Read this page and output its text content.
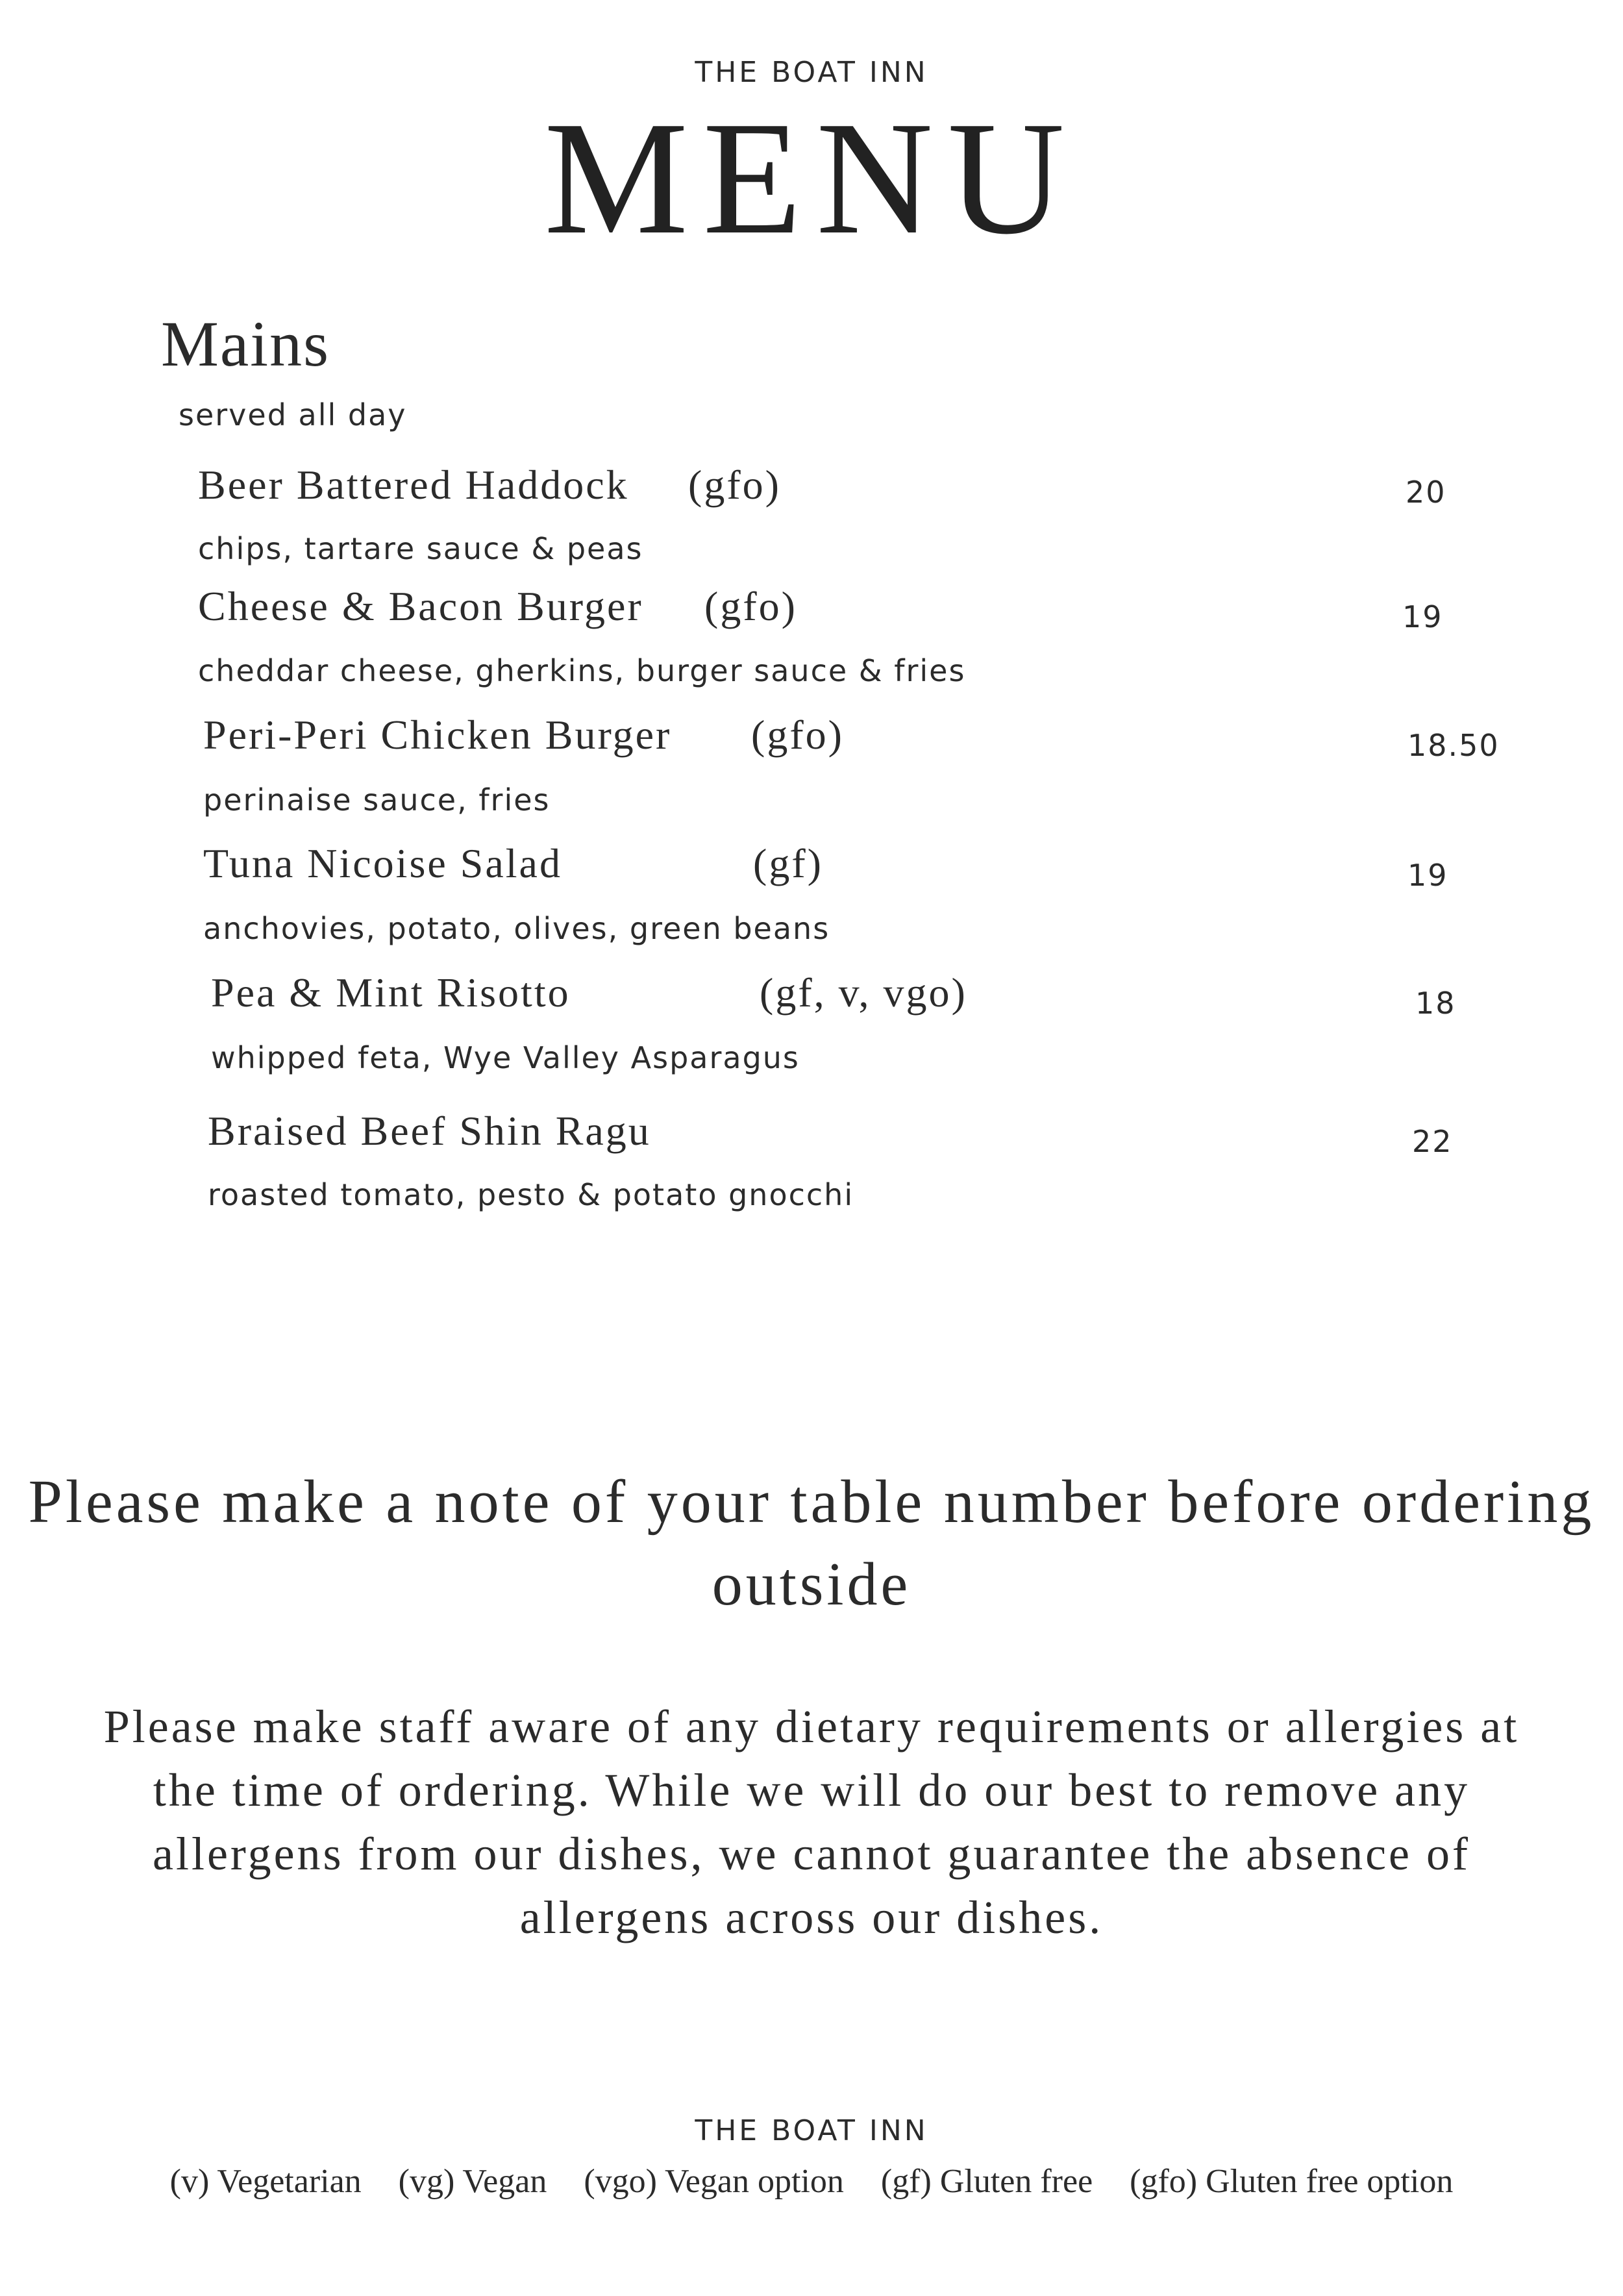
THE BOAT INN
MENU
Mains
served all day
Beer Battered Haddock (gfo)	20
chips, tartare sauce & peas
Cheese & Bacon Burger (gfo)	19
cheddar cheese, gherkins, burger sauce & fries
Peri-Peri Chicken Burger (gfo)	18.50
perinaise sauce, fries
Tuna Nicoise Salad	(gf)	19
anchovies, potato, olives, green beans
Pea & Mint Risotto	(gf, v, vgo)	18
whipped feta, Wye Valley Asparagus
Braised Beef Shin Ragu	22
roasted tomato, pesto & potato gnocchi
Please make a note of your table number before ordering outside
Please make staff aware of any dietary requirements or allergies at the time of ordering. While we will do our best to remove any allergens from our dishes, we cannot guarantee the absence of allergens across our dishes.
THE BOAT INN
(v) Vegetarian (vg) Vegan (vgo) Vegan option (gf) Gluten free (gfo) Gluten free option
